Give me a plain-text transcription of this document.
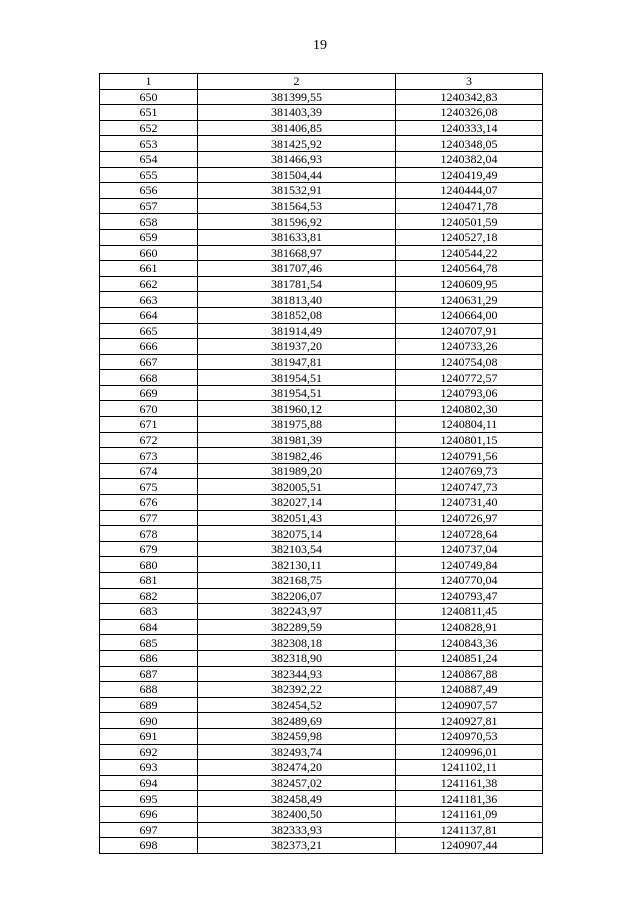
19
1	2	3
650	381399,55	1240342,83
651	381403,39	1240326,08
652	381406,85	1240333,14
653	381425,92	1240348,05
654	381466,93	1240382,04
655	381504,44	1240419,49
656	381532,91	1240444,07
657	381564,53	1240471,78
658	381596,92	1240501,59
659	381633,81	1240527,18
660	381668,97	1240544,22
661	381707,46	1240564,78
662	381781,54	1240609,95
663	381813,40	1240631,29
664	381852,08	1240664,00
665	381914,49	1240707,91
666	381937,20	1240733,26
667	381947,81	1240754,08
668	381954,51	1240772,57
669	381954,51	1240793,06
670	381960,12	1240802,30
671	381975,88	1240804,11
672	381981,39	1240801,15
673	381982,46	1240791,56
674	381989,20	1240769,73
675	382005,51	1240747,73
676	382027,14	1240731,40
677	382051,43	1240726,97
678	382075,14	1240728,64
679	382103,54	1240737,04
680	382130,11	1240749,84
681	382168,75	1240770,04
682	382206,07	1240793,47
683	382243,97	1240811,45
684	382289,59	1240828,91
685	382308,18	1240843,36
686	382318,90	1240851,24
687	382344,93	1240867,88
688	382392,22	1240887,49
689	382454,52	1240907,57
690	382489,69	1240927,81
691	382459,98	1240970,53
692	382493,74	1240996,01
693	382474,20	1241102,11
694	382457,02	1241161,38
695	382458,49	1241181,36
696	382400,50	1241161,09
697	382333,93	1241137,81
698	382373,21	1240907,44
